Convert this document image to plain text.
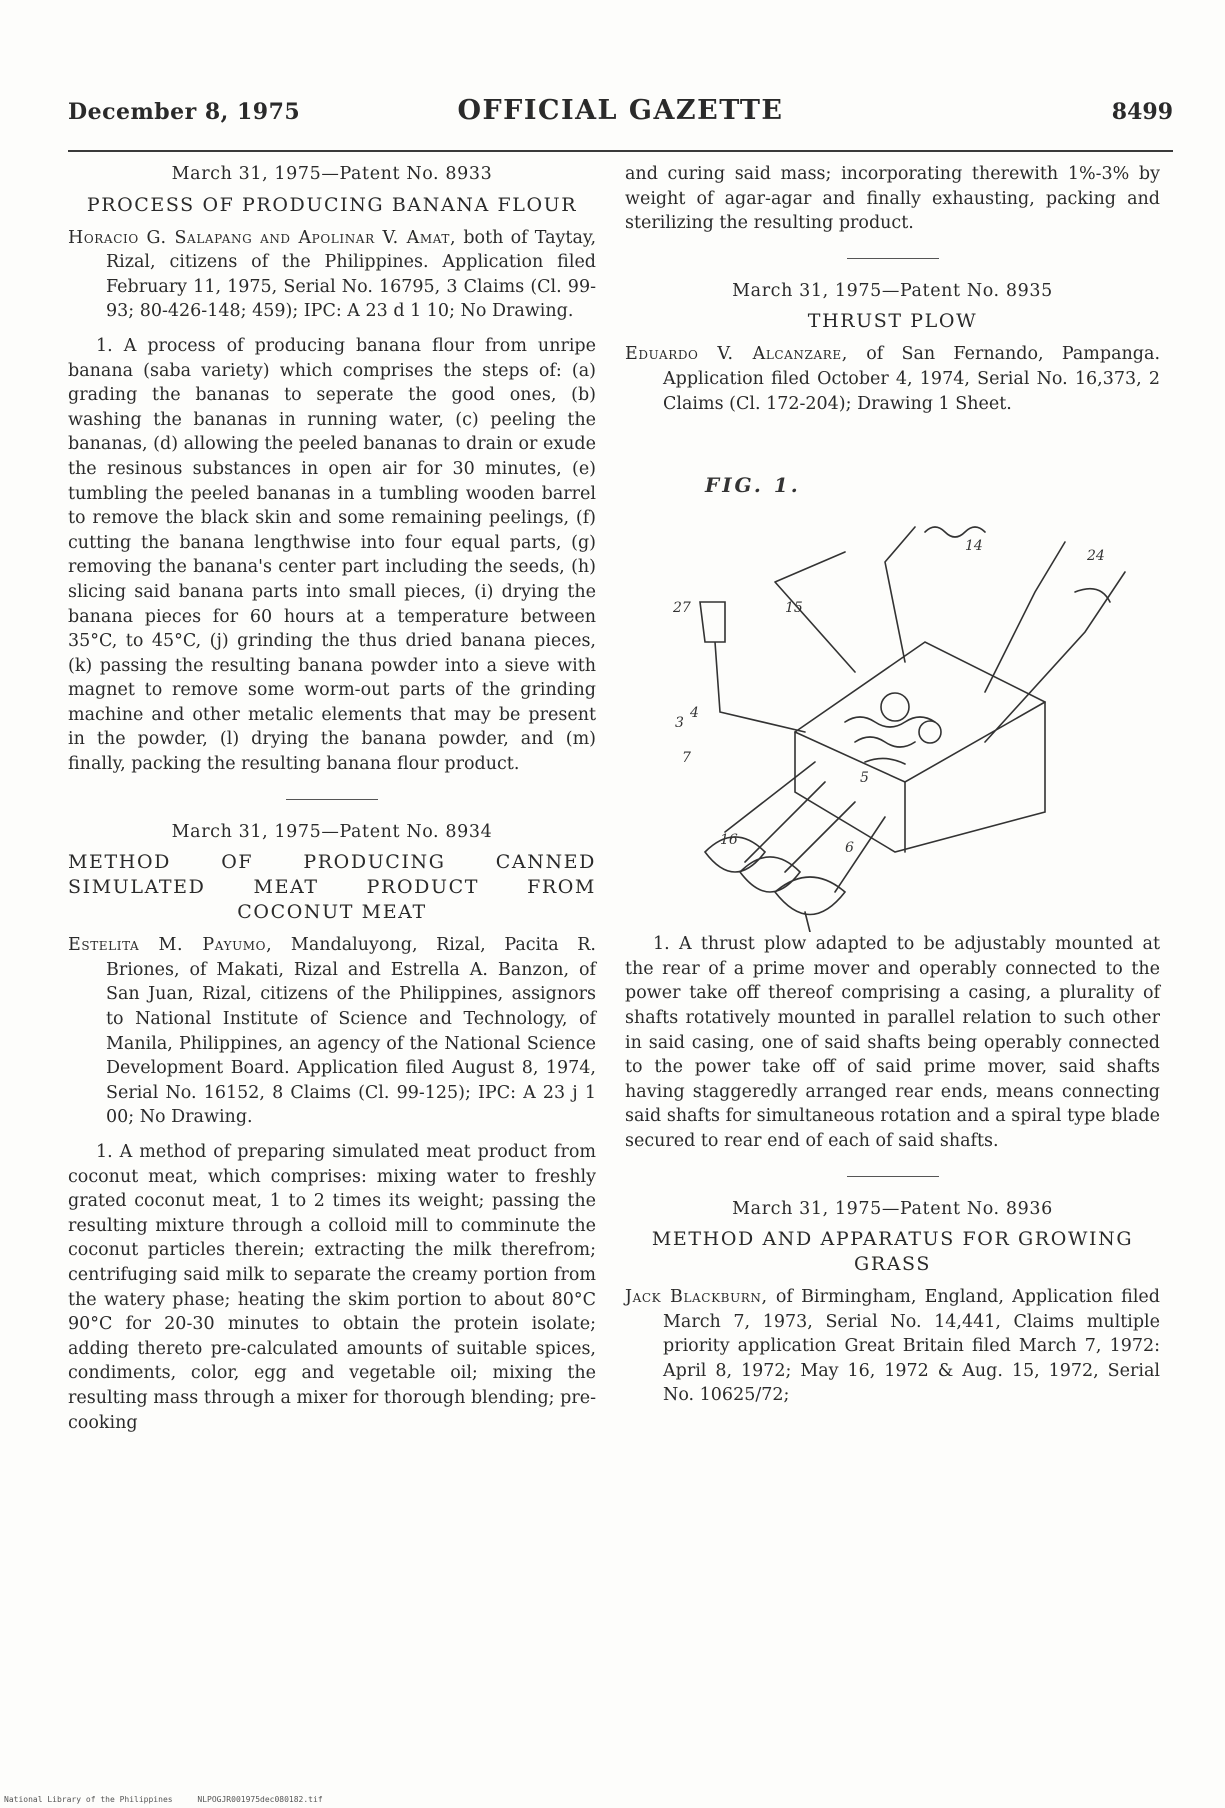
December 8, 1975	OFFICIAL GAZETTE	8499

March 31, 1975—Patent No. 8933

PROCESS OF PRODUCING BANANA FLOUR

Horacio G. Salapang and Apolinar V. Amat, both of Taytay, Rizal, citizens of the Philippines. Application filed February 11, 1975, Serial No. 16795, 3 Claims (Cl. 99-93; 80-426-148; 459); IPC: A 23 d 1 10; No Drawing.

1. A process of producing banana flour from unripe banana (saba variety) which comprises the steps of: (a) grading the bananas to seperate the good ones, (b) washing the bananas in running water, (c) peeling the bananas, (d) allowing the peeled bananas to drain or exude the resinous substances in open air for 30 minutes, (e) tumbling the peeled bananas in a tumbling wooden barrel to remove the black skin and some remaining peelings, (f) cutting the banana lengthwise into four equal parts, (g) removing the banana's center part including the seeds, (h) slicing said banana parts into small pieces, (i) drying the banana pieces for 60 hours at a temperature between 35°C, to 45°C, (j) grinding the thus dried banana pieces, (k) passing the resulting banana powder into a sieve with magnet to remove some worm-out parts of the grinding machine and other metalic elements that may be present in the powder, (l) drying the banana powder, and (m) finally, packing the resulting banana flour product.

March 31, 1975—Patent No. 8934

METHOD OF PRODUCING CANNED SIMULATED MEAT PRODUCT FROM COCONUT MEAT

Estelita M. Payumo, Mandaluyong, Rizal, Pacita R. Briones, of Makati, Rizal and Estrella A. Banzon, of San Juan, Rizal, citizens of the Philippines, assignors to National Institute of Science and Technology, of Manila, Philippines, an agency of the National Science Development Board. Application filed August 8, 1974, Serial No. 16152, 8 Claims (Cl. 99-125); IPC: A 23 j 1 00; No Drawing.

1. A method of preparing simulated meat product from coconut meat, which comprises: mixing water to freshly grated coconut meat, 1 to 2 times its weight; passing the resulting mixture through a colloid mill to comminute the coconut particles therein; extracting the milk therefrom; centrifuging said milk to separate the creamy portion from the watery phase; heating the skim portion to about 80°C 90°C for 20-30 minutes to obtain the protein isolate; adding thereto pre-calculated amounts of suitable spices, condiments, color, egg and vegetable oil; mixing the resulting mass through a mixer for thorough blending; pre-cooking

and curing said mass; incorporating therewith 1%-3% by weight of agar-agar and finally exhausting, packing and sterilizing the resulting product.

March 31, 1975—Patent No. 8935

THRUST PLOW

Eduardo V. Alcanzare, of San Fernando, Pampanga. Application filed October 4, 1974, Serial No. 16,373, 2 Claims (Cl. 172-204); Drawing 1 Sheet.

FIG. 1.
27
3
4
5
6
7
16
24
14
15

1. A thrust plow adapted to be adjustably mounted at the rear of a prime mover and operably connected to the power take off thereof comprising a casing, a plurality of shafts rotatively mounted in parallel relation to such other in said casing, one of said shafts being operably connected to the power take off of said prime mover, said shafts having staggeredly arranged rear ends, means connecting said shafts for simultaneous rotation and a spiral type blade secured to rear end of each of said shafts.

March 31, 1975—Patent No. 8936

METHOD AND APPARATUS FOR GROWING GRASS

Jack Blackburn, of Birmingham, England, Application filed March 7, 1973, Serial No. 14,441, Claims multiple priority application Great Britain filed March 7, 1972: April 8, 1972; May 16, 1972 & Aug. 15, 1972, Serial No. 10625/72;

National Library of the Philippines	NLPOGJR001975dec080182.tif
